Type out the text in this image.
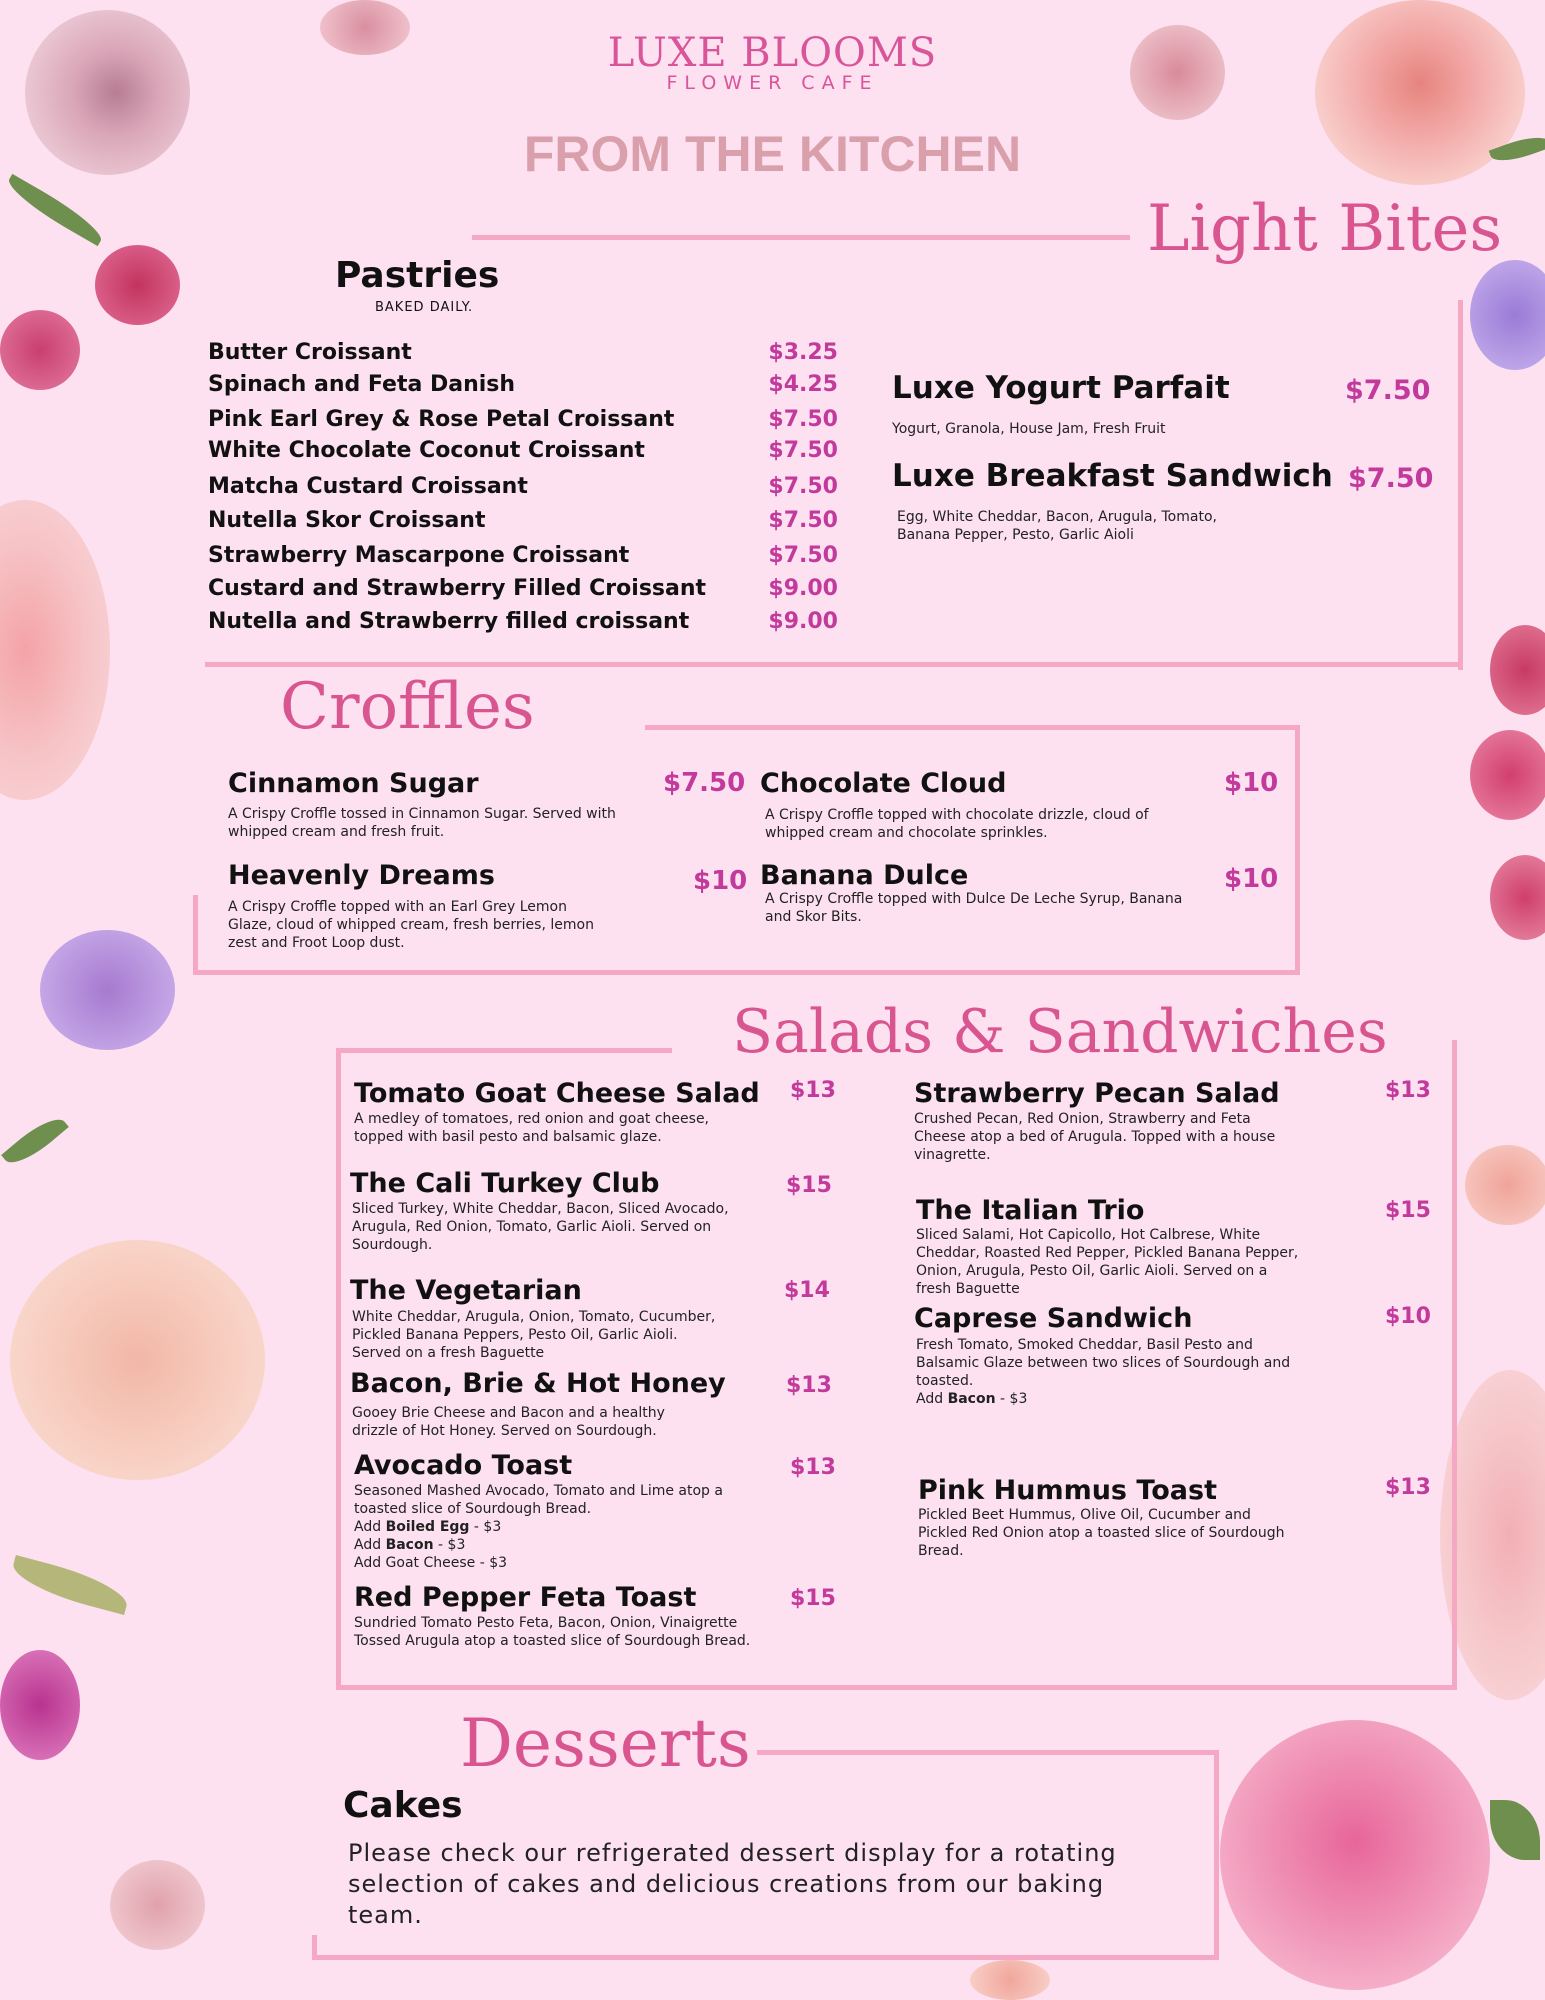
LUXE BLOOMS
FLOWER CAFE
FROM THE KITCHEN
Light Bites
Pastries
BAKED DAILY.
Butter Croissant	$3.25
Spinach and Feta Danish	$4.25
Pink Earl Grey & Rose Petal Croissant	$7.50
White Chocolate Coconut Croissant	$7.50
Matcha Custard Croissant	$7.50
Nutella Skor Croissant	$7.50
Strawberry Mascarpone Croissant	$7.50
Custard and Strawberry Filled Croissant	$9.00
Nutella and Strawberry filled croissant	$9.00
Luxe Yogurt Parfait	$7.50
Yogurt, Granola, House Jam, Fresh Fruit
Luxe Breakfast Sandwich $7.50
Egg, White Cheddar, Bacon, Arugula, Tomato, Banana Pepper, Pesto, Garlic Aioli
Croffles
Cinnamon Sugar	$7.50
A Crispy Croffle tossed in Cinnamon Sugar. Served with whipped cream and fresh fruit.
Chocolate Cloud	$10
A Crispy Croffle topped with chocolate drizzle, cloud of whipped cream and chocolate sprinkles.
Heavenly Dreams	$10
A Crispy Croffle topped with an Earl Grey Lemon Glaze, cloud of whipped cream, fresh berries, lemon zest and Froot Loop dust.
Banana Dulce	$10
A Crispy Croffle topped with Dulce De Leche Syrup, Banana and Skor Bits.
Salads & Sandwiches
Tomato Goat Cheese Salad $13
A medley of tomatoes, red onion and goat cheese, topped with basil pesto and balsamic glaze.
The Cali Turkey Club	$15
Sliced Turkey, White Cheddar, Bacon, Sliced Avocado, Arugula, Red Onion, Tomato, Garlic Aioli. Served on Sourdough.
The Vegetarian	$14
White Cheddar, Arugula, Onion, Tomato, Cucumber, Pickled Banana Peppers, Pesto Oil, Garlic Aioli. Served on a fresh Baguette
Bacon, Brie & Hot Honey	$13
Gooey Brie Cheese and Bacon and a healthy drizzle of Hot Honey. Served on Sourdough.
Avocado Toast	$13
Seasoned Mashed Avocado, Tomato and Lime atop a toasted slice of Sourdough Bread.
Add Boiled Egg - $3
Add Bacon - $3
Add Goat Cheese - $3
Red Pepper Feta Toast	$15
Sundried Tomato Pesto Feta, Bacon, Onion, Vinaigrette Tossed Arugula atop a toasted slice of Sourdough Bread.
Strawberry Pecan Salad	$13
Crushed Pecan, Red Onion, Strawberry and Feta Cheese atop a bed of Arugula. Topped with a house vinagrette.
The Italian Trio	$15
Sliced Salami, Hot Capicollo, Hot Calbrese, White Cheddar, Roasted Red Pepper, Pickled Banana Pepper, Onion, Arugula, Pesto Oil, Garlic Aioli. Served on a fresh Baguette
Caprese Sandwich	$10
Fresh Tomato, Smoked Cheddar, Basil Pesto and Balsamic Glaze between two slices of Sourdough and toasted.
Add Bacon - $3
Pink Hummus Toast	$13
Pickled Beet Hummus, Olive Oil, Cucumber and Pickled Red Onion atop a toasted slice of Sourdough Bread.
Desserts
Cakes
Please check our refrigerated dessert display for a rotating selection of cakes and delicious creations from our baking team.
